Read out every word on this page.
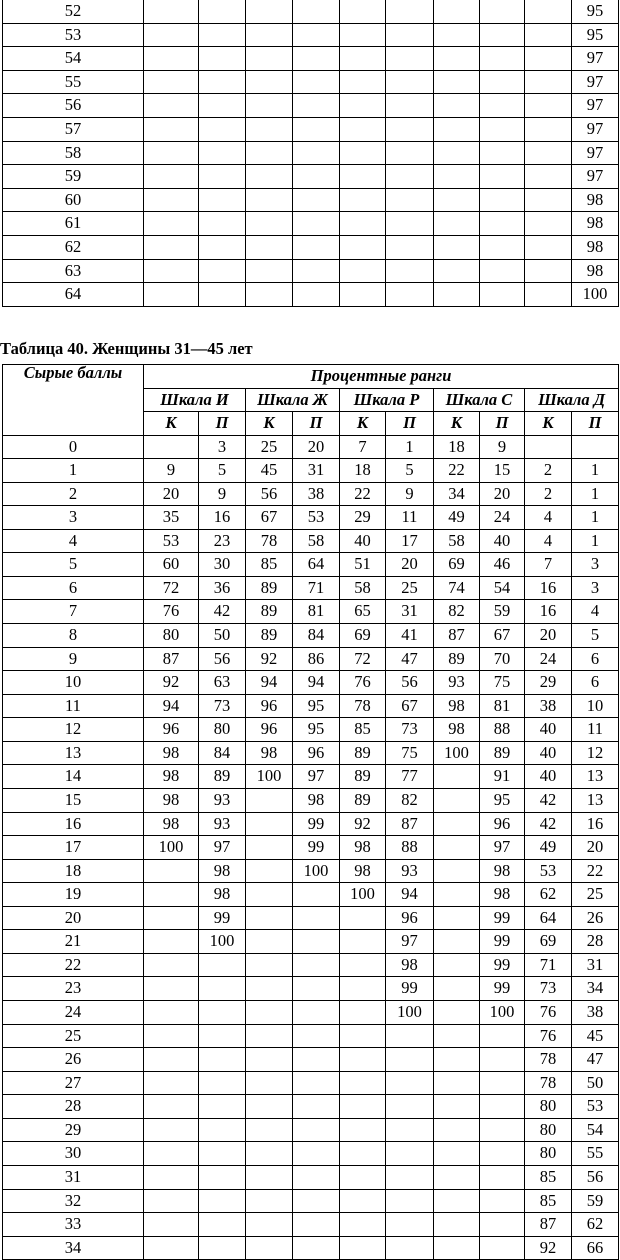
52										95
53										95
54										97
55										97
56										97
57										97
58										97
59										97
60										98
61										98
62										98
63										98
64										100
Таблица 40. Женщины 31—45 лет
Сырые баллы	Процентные ранги									
	Шкала И		Шкала Ж		Шкала Р		Шкала С		Шкала Д	
	К	П	К	П	К	П	К	П	К	П
0		3	25	20	7	1	18	9		
1	9	5	45	31	18	5	22	15	2	1
2	20	9	56	38	22	9	34	20	2	1
3	35	16	67	53	29	11	49	24	4	1
4	53	23	78	58	40	17	58	40	4	1
5	60	30	85	64	51	20	69	46	7	3
6	72	36	89	71	58	25	74	54	16	3
7	76	42	89	81	65	31	82	59	16	4
8	80	50	89	84	69	41	87	67	20	5
9	87	56	92	86	72	47	89	70	24	6
10	92	63	94	94	76	56	93	75	29	6
11	94	73	96	95	78	67	98	81	38	10
12	96	80	96	95	85	73	98	88	40	11
13	98	84	98	96	89	75	100	89	40	12
14	98	89	100	97	89	77		91	40	13
15	98	93		98	89	82		95	42	13
16	98	93		99	92	87		96	42	16
17	100	97		99	98	88		97	49	20
18		98		100	98	93		98	53	22
19		98			100	94		98	62	25
20		99				96		99	64	26
21		100				97		99	69	28
22						98		99	71	31
23						99		99	73	34
24						100		100	76	38
25									76	45
26									78	47
27									78	50
28									80	53
29									80	54
30									80	55
31									85	56
32									85	59
33									87	62
34									92	66
